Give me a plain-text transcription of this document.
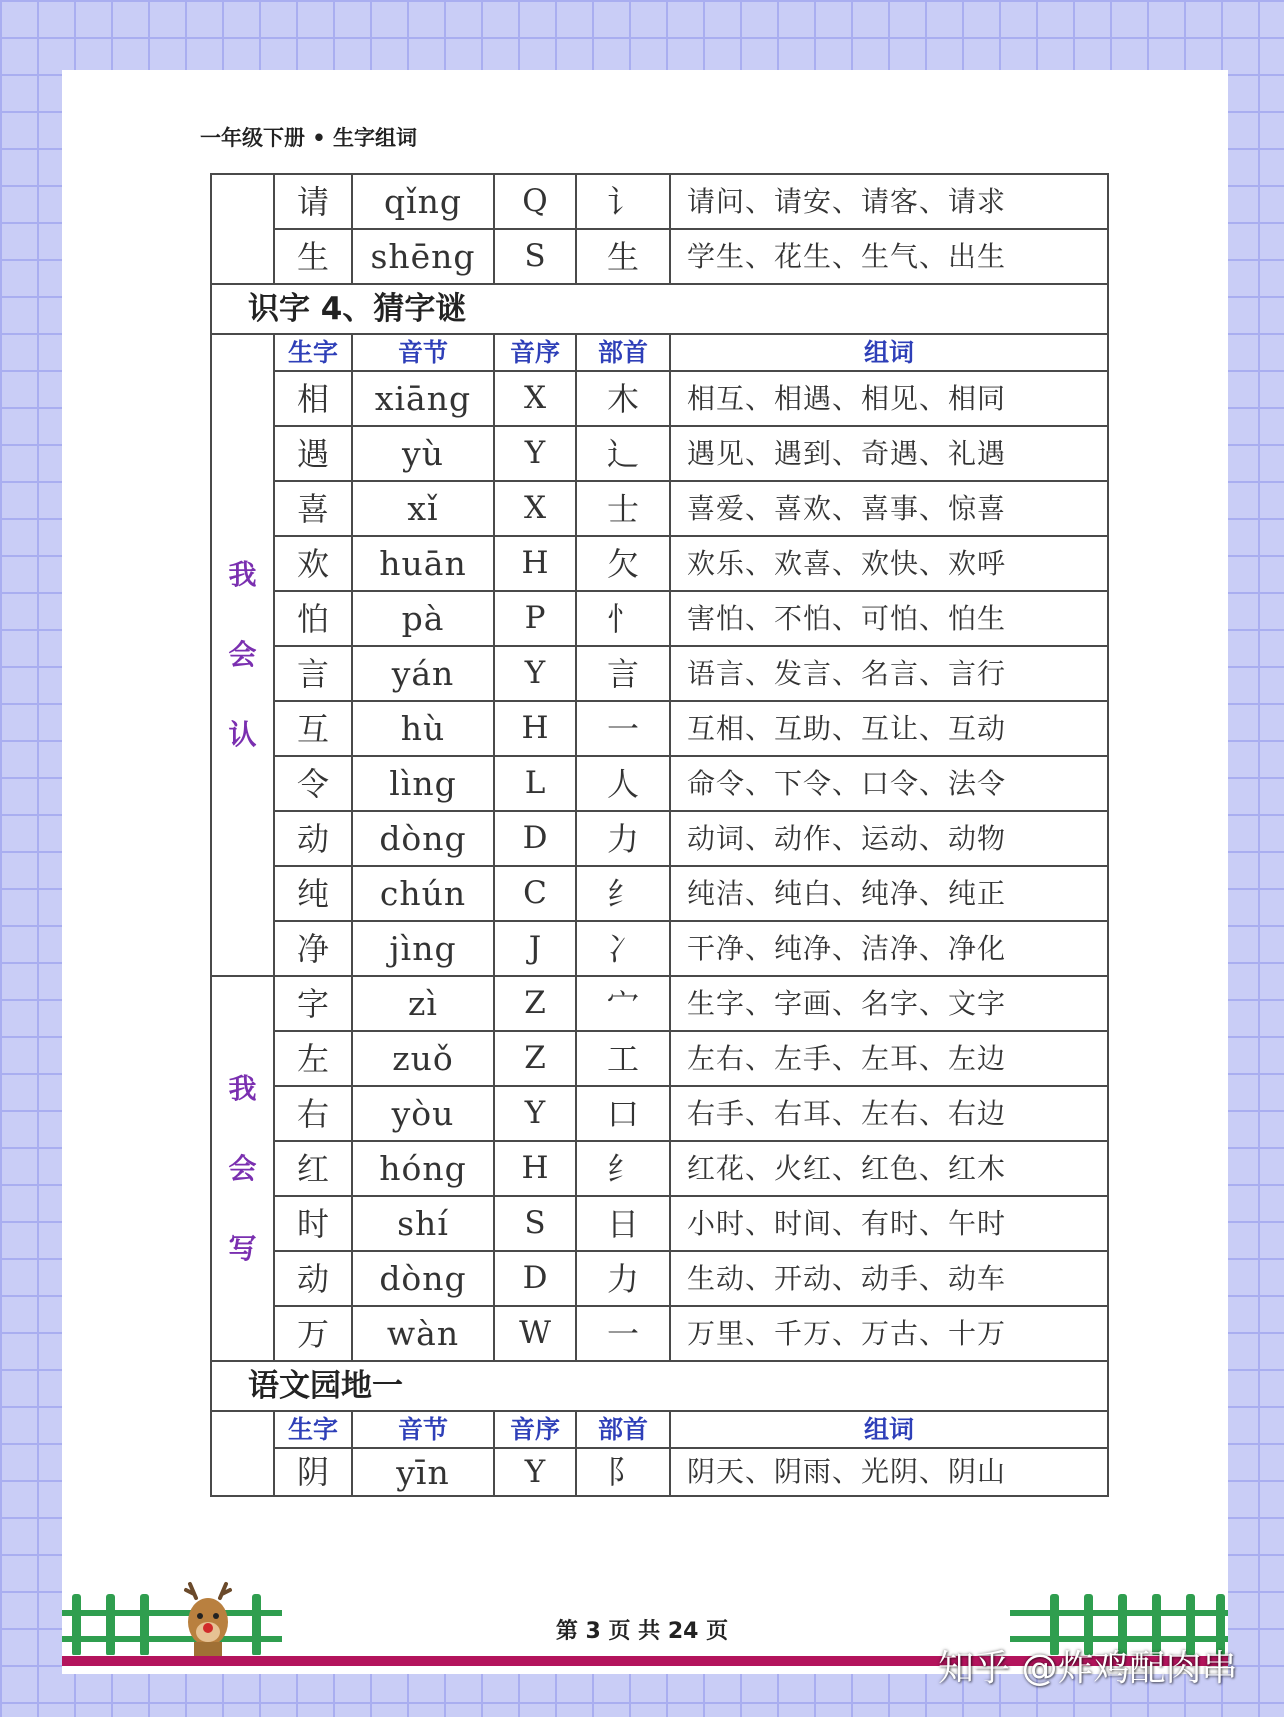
一年级下册 • 生字组词
	请	qǐng	Q	讠	请问、请安、请客、请求
	生	shēng	S	生	学生、花生、生气、出生
识字 4、猜字谜					

我
会
认	生字	音节	音序	部首	组词
	相	xiāng	X	木	相互、相遇、相见、相同
	遇	yù	Y	辶	遇见、遇到、奇遇、礼遇
	喜	xǐ	X	士	喜爱、喜欢、喜事、惊喜
	欢	huān	H	欠	欢乐、欢喜、欢快、欢呼
	怕	pà	P	忄	害怕、不怕、可怕、怕生
	言	yán	Y	言	语言、发言、名言、言行
	互	hù	H	一	互相、互助、互让、互动
	令	lìng	L	人	命令、下令、口令、法令
	动	dòng	D	力	动词、动作、运动、动物
	纯	chún	C	纟	纯洁、纯白、纯净、纯正
	净	jìng	J	冫	干净、纯净、洁净、净化

我
会
写	字	zì	Z	宀	生字、字画、名字、文字
	左	zuǒ	Z	工	左右、左手、左耳、左边
	右	yòu	Y	口	右手、右耳、左右、右边
	红	hóng	H	纟	红花、火红、红色、红木
	时	shí	S	日	小时、时间、有时、午时
	动	dòng	D	力	生动、开动、动手、动车
	万	wàn	W	一	万里、千万、万古、十万
语文园地一					
	生字	音节	音序	部首	组词
	阴	yīn	Y	阝	阴天、阴雨、光阴、阴山
第 3 页 共 24 页
知乎 @炸鸡配肉串
